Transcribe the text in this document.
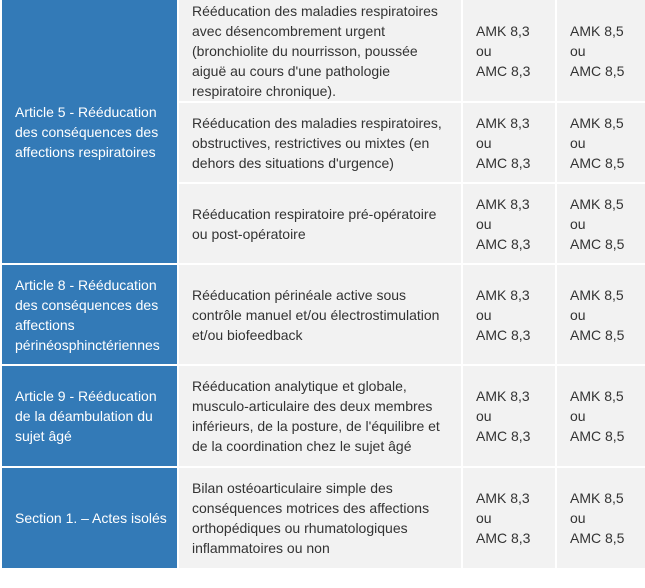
Article 5 - Rééducation des conséquences des affections respiratoires	Rééducation des maladies respiratoires avec désencombrement urgent (bronchiolite du nourrisson, poussée aiguë au cours d'une pathologie respiratoire chronique).	AMK 8,3
ou
AMC 8,3	AMK 8,5
ou
AMC 8,5

	Rééducation des maladies respiratoires, obstructives, restrictives ou mixtes (en dehors des situations d'urgence)	AMK 8,3
ou
AMC 8,3	AMK 8,5
ou
AMC 8,5

	Rééducation respiratoire pré-opératoire ou post-opératoire	AMK 8,3
ou
AMC 8,3	AMK 8,5
ou
AMC 8,5

Article 8 - Rééducation des conséquences des affections périnéosphinctériennes	Rééducation périnéale active sous contrôle manuel et/ou électrostimulation et/ou biofeedback	AMK 8,3
ou
AMC 8,3	AMK 8,5
ou
AMC 8,5

Article 9 - Rééducation de la déambulation du sujet âgé	Rééducation analytique et globale, musculo-articulaire des deux membres inférieurs, de la posture, de l'équilibre et de la coordination chez le sujet âgé	AMK 8,3
ou
AMC 8,3	AMK 8,5
ou
AMC 8,5

Section 1. – Actes isolés	Bilan ostéoarticulaire simple des conséquences motrices des affections orthopédiques ou rhumatologiques inflammatoires ou non	AMK 8,3
ou
AMC 8,3	AMK 8,5
ou
AMC 8,5
